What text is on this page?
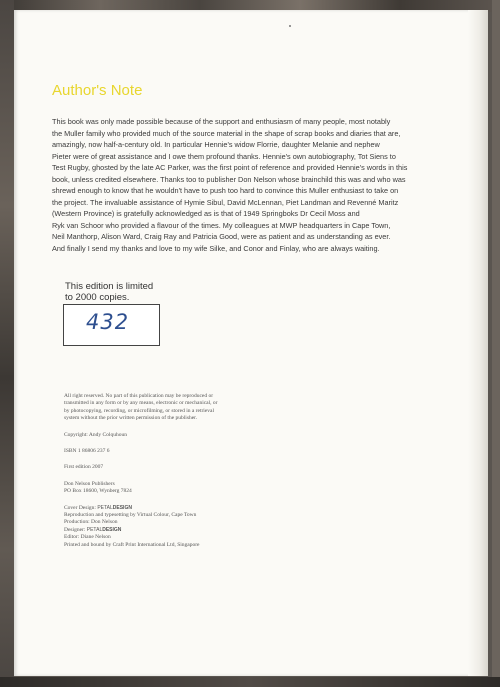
Author's Note

This book was only made possible because of the support and enthusiasm of many people, most notably

the Muller family who provided much of the source material in the shape of scrap books and diaries that are,

amazingly, now half-a-century old. In particular Hennie's widow Florrie, daughter Melanie and nephew

Pieter were of great assistance and I owe them profound thanks. Hennie's own autobiography, Tot Siens to

Test Rugby, ghosted by the late AC Parker, was the first point of reference and provided Hennie's words in this

book, unless credited elsewhere. Thanks too to publisher Don Nelson whose brainchild this was and who was

shrewd enough to know that he wouldn't have to push too hard to convince this Muller enthusiast to take on

the project. The invaluable assistance of Hymie Sibul, David McLennan, Piet Landman and Revenné Maritz

(Western Province) is gratefully acknowledged as is that of 1949 Springboks Dr Cecil Moss and

Ryk van Schoor who provided a flavour of the times. My colleagues at MWP headquarters in Cape Town,

Neil Manthorp, Alison Ward, Craig Ray and Patricia Good, were as patient and as understanding as ever.

And finally I send my thanks and love to my wife Silke, and Conor and Finlay, who are always waiting.

This edition is limited
to 2000 copies.
432
All right reserved. No part of this publication may be reproduced or
transmitted in any form or by any means, electronic or mechanical, or
by photocopying, recording, or microfilming, or stored in a retrieval
system without the prior written permission of the publisher.
Copyright: Andy Colquhoun
ISBN 1 86806 237 6
First edition 2007
Don Nelson Publishers
PO Box 18600, Wynberg 7824
Cover Design: PETALDESIGN
Reproduction and typesetting by Virtual Colour, Cape Town
Production: Don Nelson
Designer: PETALDESIGN
Editor: Diane Nelson
Printed and bound by Craft Print International Ltd, Singapore
